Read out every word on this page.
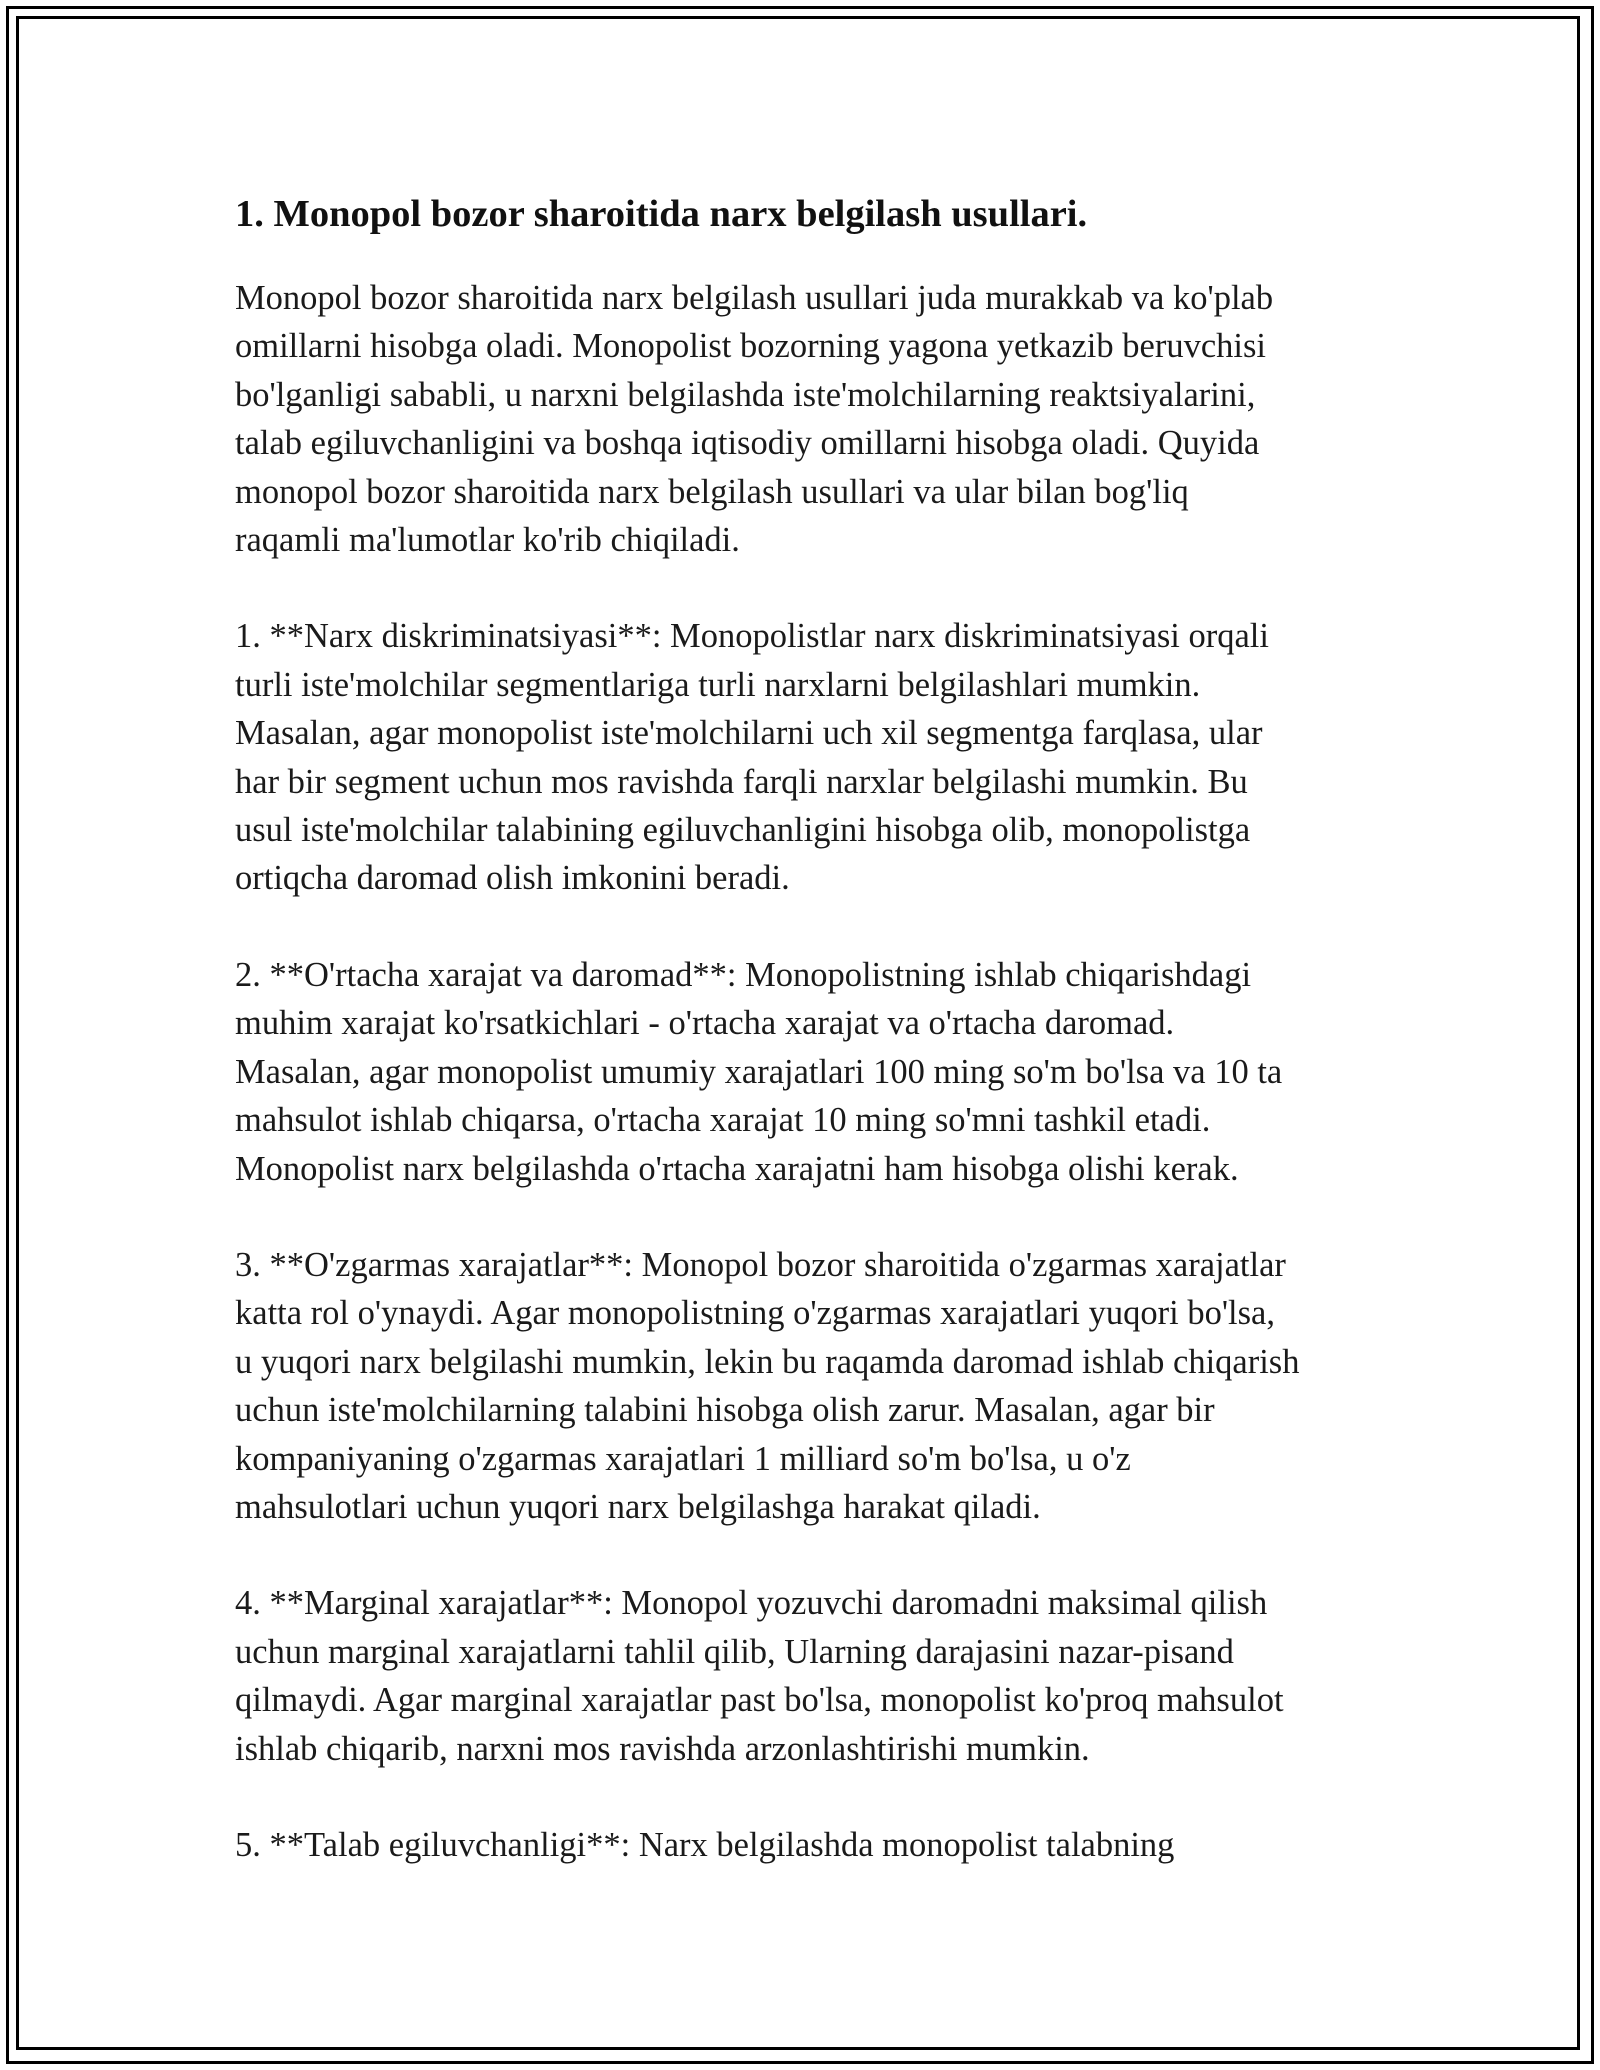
1. Monopol bozor sharoitida narx belgilash usullari.

Monopol bozor sharoitida narx belgilash usullari juda murakkab va ko'plab
omillarni hisobga oladi. Monopolist bozorning yagona yetkazib beruvchisi
bo'lganligi sababli, u narxni belgilashda iste'molchilarning reaktsiyalarini,
talab egiluvchanligini va boshqa iqtisodiy omillarni hisobga oladi. Quyida
monopol bozor sharoitida narx belgilash usullari va ular bilan bog'liq
raqamli ma'lumotlar ko'rib chiqiladi.

1. **Narx diskriminatsiyasi**: Monopolistlar narx diskriminatsiyasi orqali
turli iste'molchilar segmentlariga turli narxlarni belgilashlari mumkin.
Masalan, agar monopolist iste'molchilarni uch xil segmentga farqlasa, ular
har bir segment uchun mos ravishda farqli narxlar belgilashi mumkin. Bu
usul iste'molchilar talabining egiluvchanligini hisobga olib, monopolistga
ortiqcha daromad olish imkonini beradi.

2. **O'rtacha xarajat va daromad**: Monopolistning ishlab chiqarishdagi
muhim xarajat ko'rsatkichlari - o'rtacha xarajat va o'rtacha daromad.
Masalan, agar monopolist umumiy xarajatlari 100 ming so'm bo'lsa va 10 ta
mahsulot ishlab chiqarsa, o'rtacha xarajat 10 ming so'mni tashkil etadi.
Monopolist narx belgilashda o'rtacha xarajatni ham hisobga olishi kerak.

3. **O'zgarmas xarajatlar**: Monopol bozor sharoitida o'zgarmas xarajatlar
katta rol o'ynaydi. Agar monopolistning o'zgarmas xarajatlari yuqori bo'lsa,
u yuqori narx belgilashi mumkin, lekin bu raqamda daromad ishlab chiqarish
uchun iste'molchilarning talabini hisobga olish zarur. Masalan, agar bir
kompaniyaning o'zgarmas xarajatlari 1 milliard so'm bo'lsa, u o'z
mahsulotlari uchun yuqori narx belgilashga harakat qiladi.

4. **Marginal xarajatlar**: Monopol yozuvchi daromadni maksimal qilish
uchun marginal xarajatlarni tahlil qilib, Ularning darajasini nazar-pisand
qilmaydi. Agar marginal xarajatlar past bo'lsa, monopolist ko'proq mahsulot
ishlab chiqarib, narxni mos ravishda arzonlashtirishi mumkin.

5. **Talab egiluvchanligi**: Narx belgilashda monopolist talabning
